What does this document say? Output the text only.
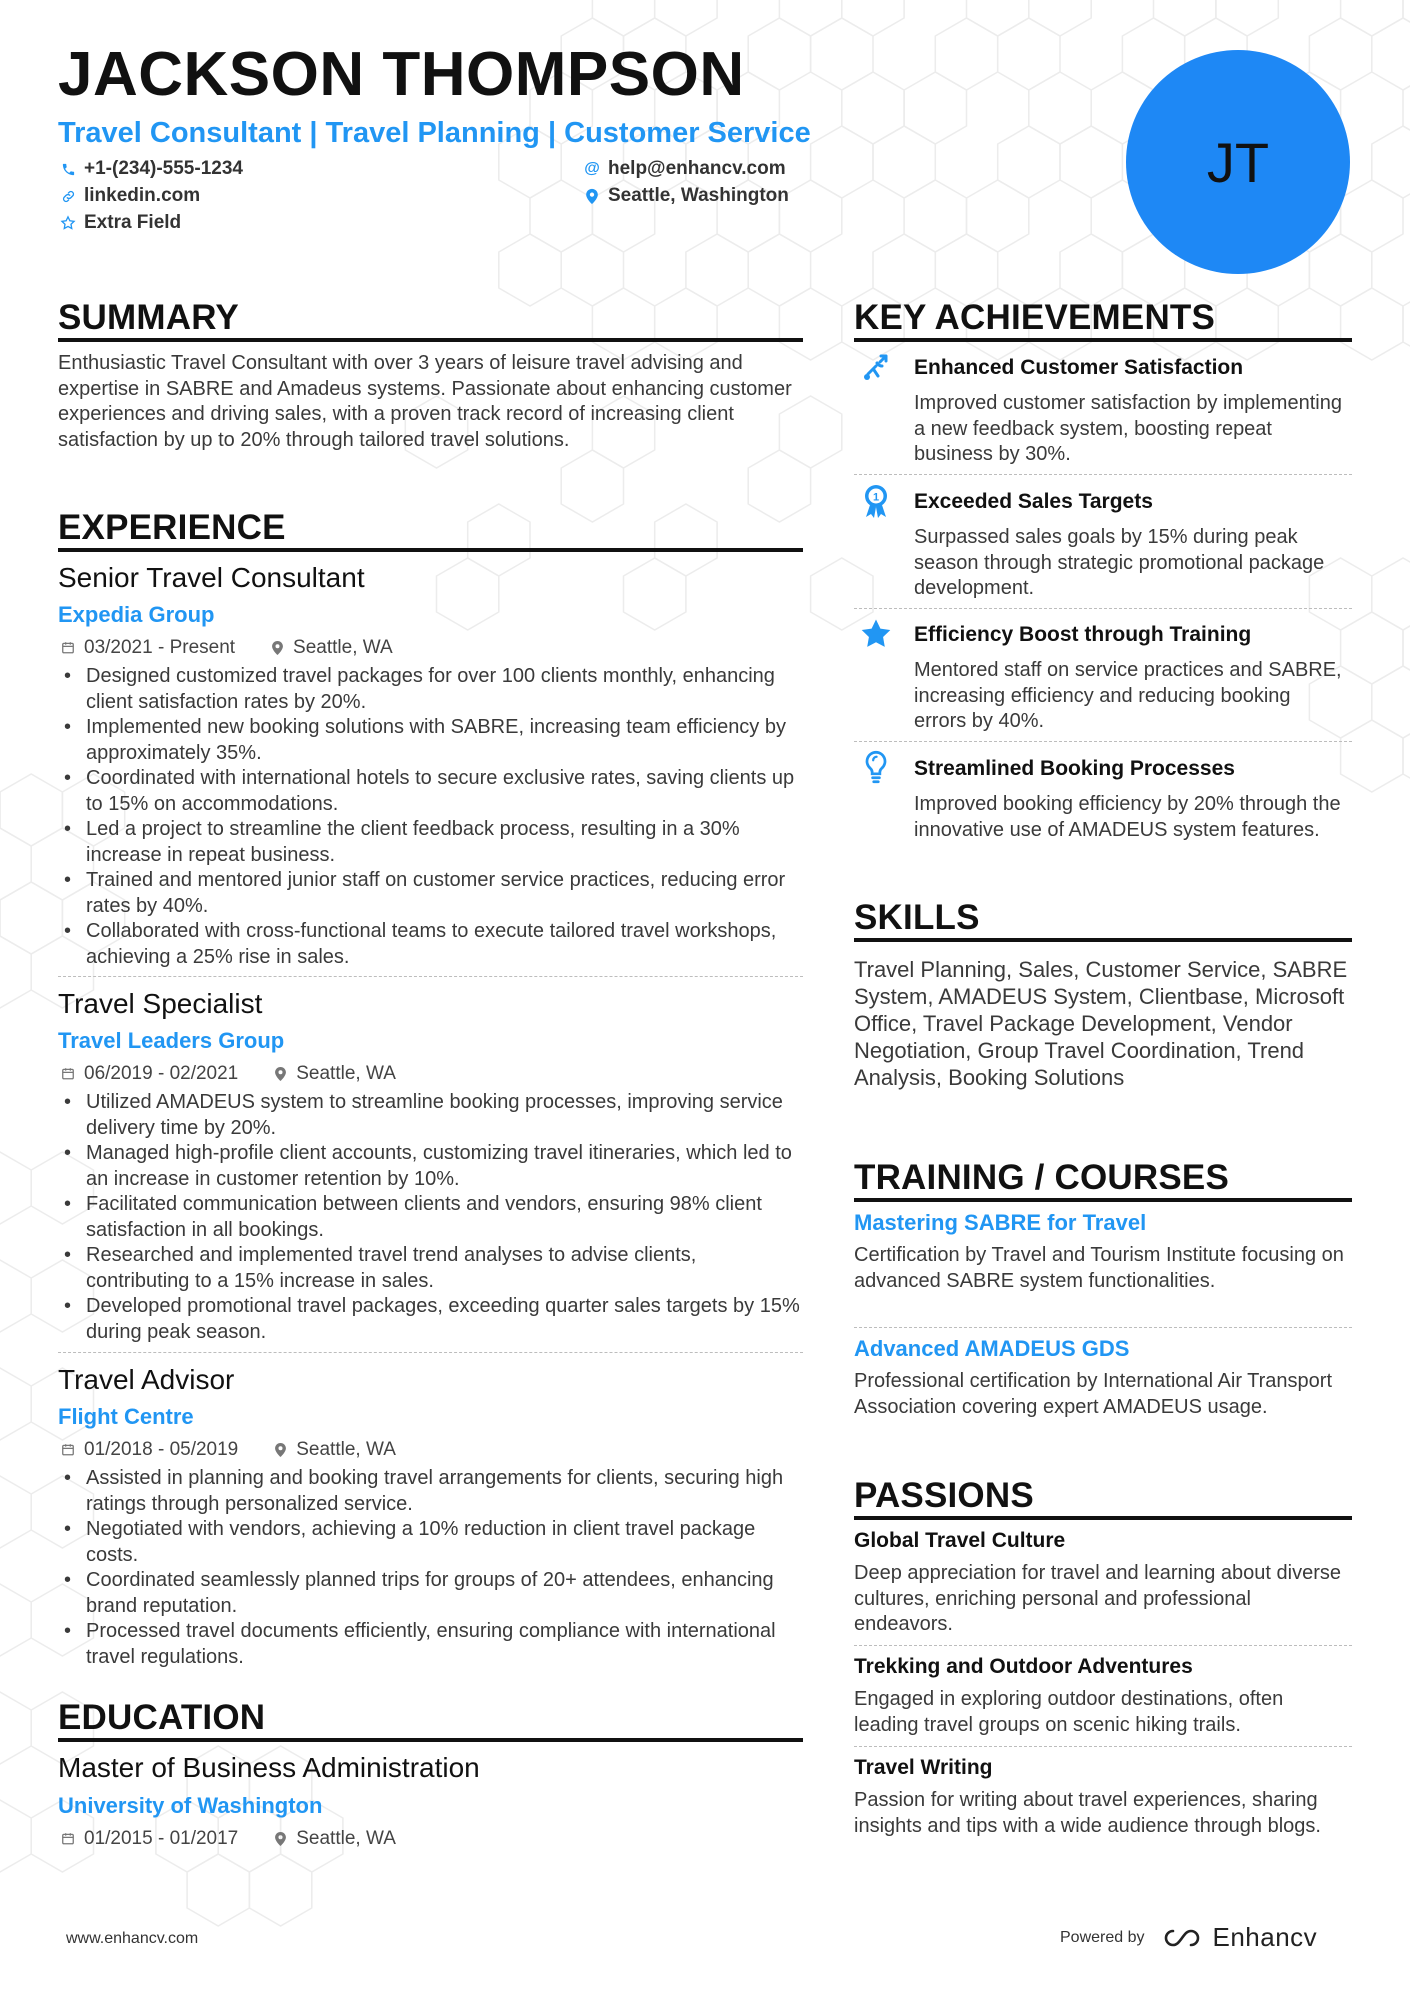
JACKSON THOMPSON
Travel Consultant | Travel Planning | Customer Service
+1-(234)-555-1234
linkedin.com
Extra Field
@ help@enhancv.com
Seattle, Washington
JT
SUMMARY
Enthusiastic Travel Consultant with over 3 years of leisure travel advising and expertise in SABRE and Amadeus systems. Passionate about enhancing customer experiences and driving sales, with a proven track record of increasing client satisfaction by up to 20% through tailored travel solutions.
EXPERIENCE
Senior Travel Consultant
Expedia Group
03/2021 - Present	Seattle, WA
• Designed customized travel packages for over 100 clients monthly, enhancing client satisfaction rates by 20%.
• Implemented new booking solutions with SABRE, increasing team efficiency by approximately 35%.
• Coordinated with international hotels to secure exclusive rates, saving clients up to 15% on accommodations.
• Led a project to streamline the client feedback process, resulting in a 30% increase in repeat business.
• Trained and mentored junior staff on customer service practices, reducing error rates by 40%.
• Collaborated with cross-functional teams to execute tailored travel workshops, achieving a 25% rise in sales.
Travel Specialist
Travel Leaders Group
06/2019 - 02/2021	Seattle, WA
• Utilized AMADEUS system to streamline booking processes, improving service delivery time by 20%.
• Managed high-profile client accounts, customizing travel itineraries, which led to an increase in customer retention by 10%.
• Facilitated communication between clients and vendors, ensuring 98% client satisfaction in all bookings.
• Researched and implemented travel trend analyses to advise clients, contributing to a 15% increase in sales.
• Developed promotional travel packages, exceeding quarter sales targets by 15% during peak season.
Travel Advisor
Flight Centre
01/2018 - 05/2019	Seattle, WA
• Assisted in planning and booking travel arrangements for clients, securing high ratings through personalized service.
• Negotiated with vendors, achieving a 10% reduction in client travel package costs.
• Coordinated seamlessly planned trips for groups of 20+ attendees, enhancing brand reputation.
• Processed travel documents efficiently, ensuring compliance with international travel regulations.
EDUCATION
Master of Business Administration
University of Washington
01/2015 - 01/2017	Seattle, WA
KEY ACHIEVEMENTS
Enhanced Customer Satisfaction
Improved customer satisfaction by implementing a new feedback system, boosting repeat business by 30%.
1 Exceeded Sales Targets
Surpassed sales goals by 15% during peak season through strategic promotional package development.
Efficiency Boost through Training
Mentored staff on service practices and SABRE, increasing efficiency and reducing booking errors by 40%.
Streamlined Booking Processes
Improved booking efficiency by 20% through the innovative use of AMADEUS system features.
SKILLS
Travel Planning, Sales, Customer Service, SABRE System, AMADEUS System, Clientbase, Microsoft Office, Travel Package Development, Vendor Negotiation, Group Travel Coordination, Trend Analysis, Booking Solutions
TRAINING / COURSES
Mastering SABRE for Travel
Certification by Travel and Tourism Institute focusing on advanced SABRE system functionalities.
Advanced AMADEUS GDS
Professional certification by International Air Transport Association covering expert AMADEUS usage.
PASSIONS
Global Travel Culture
Deep appreciation for travel and learning about diverse cultures, enriching personal and professional endeavors.
Trekking and Outdoor Adventures
Engaged in exploring outdoor destinations, often leading travel groups on scenic hiking trails.
Travel Writing
Passion for writing about travel experiences, sharing insights and tips with a wide audience through blogs.
www.enhancv.com	Powered by	Enhancv
